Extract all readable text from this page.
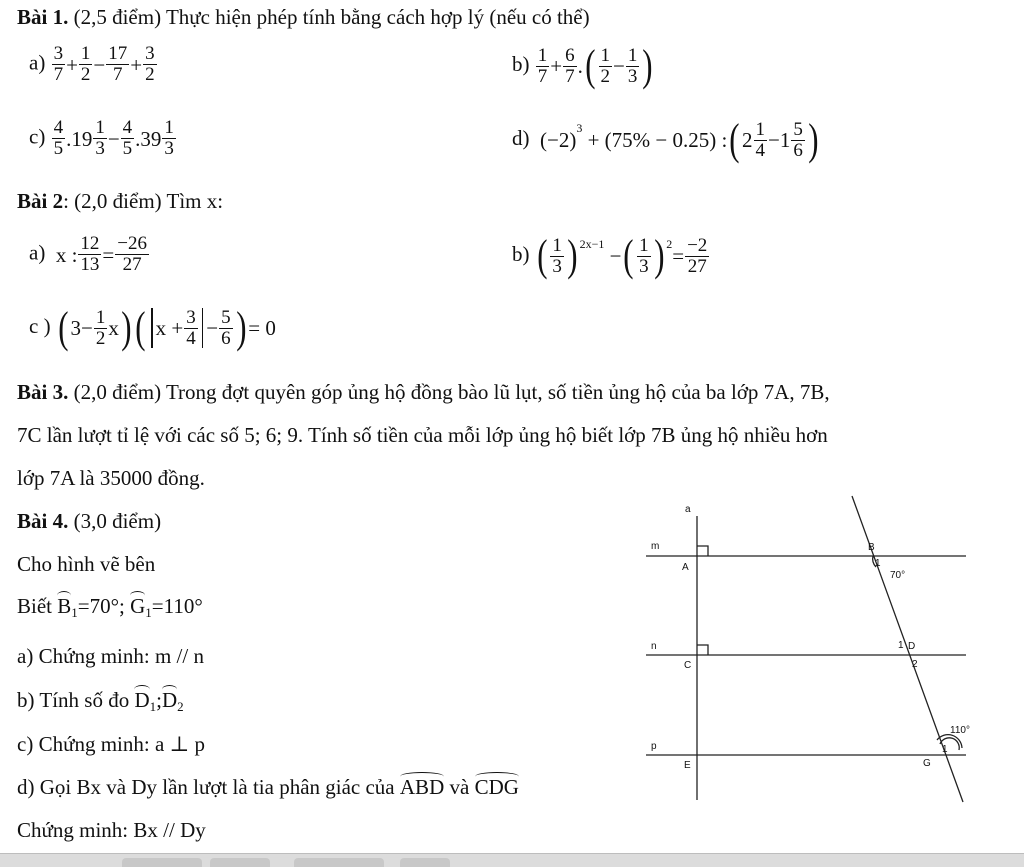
Bài 1. (2,5 điểm) Thực hiện phép tính bằng cách hợp lý (nếu có thể)
a) 3
7 + 1
2 − 17
7 + 3
2	b) 1
7 + 6
7 . ( 1
2 − 1
3 )
c) 4
5 .19 1
3 − 4
5 .39 1
3	d)  $(-2)^3 + (75\% - 0.25)$ : ( 2 1
4 −1 5
6 )
Bài 2: (2,0 điểm) Tìm x:
a)  x : 12
13 = −26
27	b) ( 1
3 )$^{2x-1}$ − ( 1
3 )$^2$ = −2
27
c ) ( 3− 1
2 x ) ( x + 3
4 − 5
6 ) = 0
Bài 3. (2,0 điểm) Trong đợt quyên góp ủng hộ đồng bào lũ lụt, số tiền ủng hộ của ba lớp 7A, 7B,
7C lần lượt tỉ lệ với các số 5; 6; 9. Tính số tiền của mỗi lớp ủng hộ biết lớp 7B ủng hộ nhiều hơn
lớp 7A là 35000 đồng.
Bài 4. (3,0 điểm)
Cho hình vẽ bên
Biết $B_1=70^\circ$; $G_1=110^\circ$
a) Chứng minh: m // n
b) Tính số đo $D_1;D_2$
c) Chứng minh: a ⊥ p
d) Gọi Bx và Dy lần lượt là tia phân giác của ABD và CDG
Chứng minh: Bx // Dy
a
m
A
B
1
70°
n
C
1 D
2
110°
p	1
E	G
